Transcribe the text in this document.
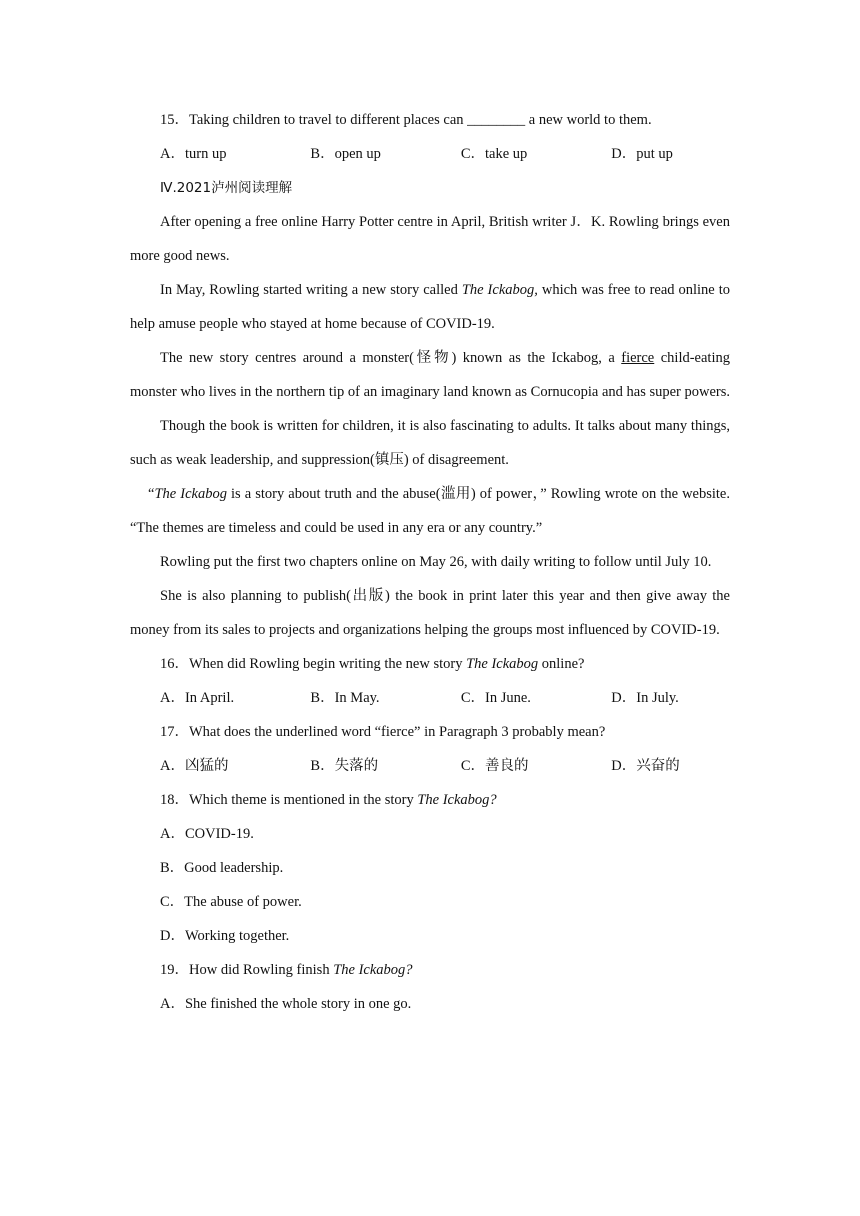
15．Taking children to travel to different places can ________ a new world to them.
A．turn up	B．open up	C．take up	D．put up
Ⅳ.2021泸州阅读理解
After opening a free online Harry Potter centre in April, British writer J．K. Rowling brings even more good news.
In May, Rowling started writing a new story called The Ickabog, which was free to read online to help amuse people who stayed at home because of COVID-19.
The new story centres around a monster(怪物) known as the Ickabog, a fierce child-eating monster who lives in the northern tip of an imaginary land known as Cornucopia and has super powers.
Though the book is written for children, it is also fascinating to adults. It talks about many things, such as weak leadership, and suppression(镇压) of disagreement.
“The Ickabog is a story about truth and the abuse(滥用) of power，” Rowling wrote on the website. “The themes are timeless and could be used in any era or any country.”
Rowling put the first two chapters online on May 26, with daily writing to follow until July 10.
She is also planning to publish(出版) the book in print later this year and then give away the money from its sales to projects and organizations helping the groups most influenced by COVID-19.
16．When did Rowling begin writing the new story The Ickabog online?
A．In April.	B．In May.	C．In June.	D．In July.
17．What does the underlined word “fierce” in Paragraph 3 probably mean?
A．凶猛的	B．失落的	C．善良的	D．兴奋的
18．Which theme is mentioned in the story The Ickabog?
A．COVID-19.
B．Good leadership.
C．The abuse of power.
D．Working together.
19．How did Rowling finish The Ickabog?
A．She finished the whole story in one go.
